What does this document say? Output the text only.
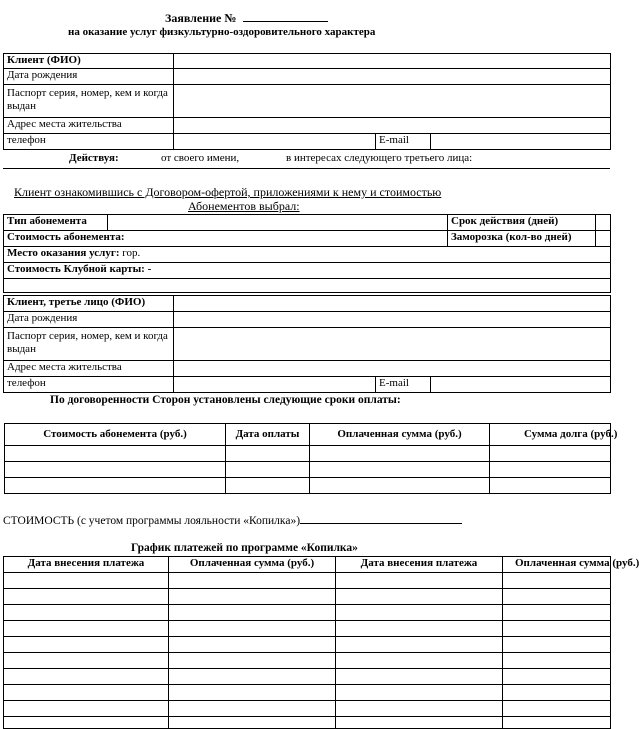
Заявление №
на оказание услуг физкультурно-оздоровительного характера
Клиент (ФИО)			
Дата рождения			
Паспорт серия, номер, кем и когда выдан			
Адрес места жительства			
телефон		E-mail	
Действуя:	от своего имени,	в интересах следующего третьего лица:
Клиент ознакомившись с Договором-офертой, приложениями к нему и стоимостью
Абонементов выбрал:
Тип абонемента		Срок действия (дней)	
Стоимость абонемента:		Заморозка (кол-во дней)	
Место оказания услуг: гор.			
Стоимость Клубной карты: -			

Клиент, третье лицо (ФИО)			
Дата рождения			
Паспорт серия, номер, кем и когда выдан			
Адрес места жительства			
телефон		E-mail	
По договоренности Сторон установлены следующие сроки оплаты:
Стоимость абонемента (руб.)	Дата оплаты	Оплаченная сумма (руб.)	Сумма долга (руб.)

СТОИМОСТЬ (с учетом программы лояльности «Копилка»)
График платежей по программе «Копилка»
Дата внесения платежа	Оплаченная сумма (руб.)	Дата внесения платежа	Оплаченная сумма (руб.)
